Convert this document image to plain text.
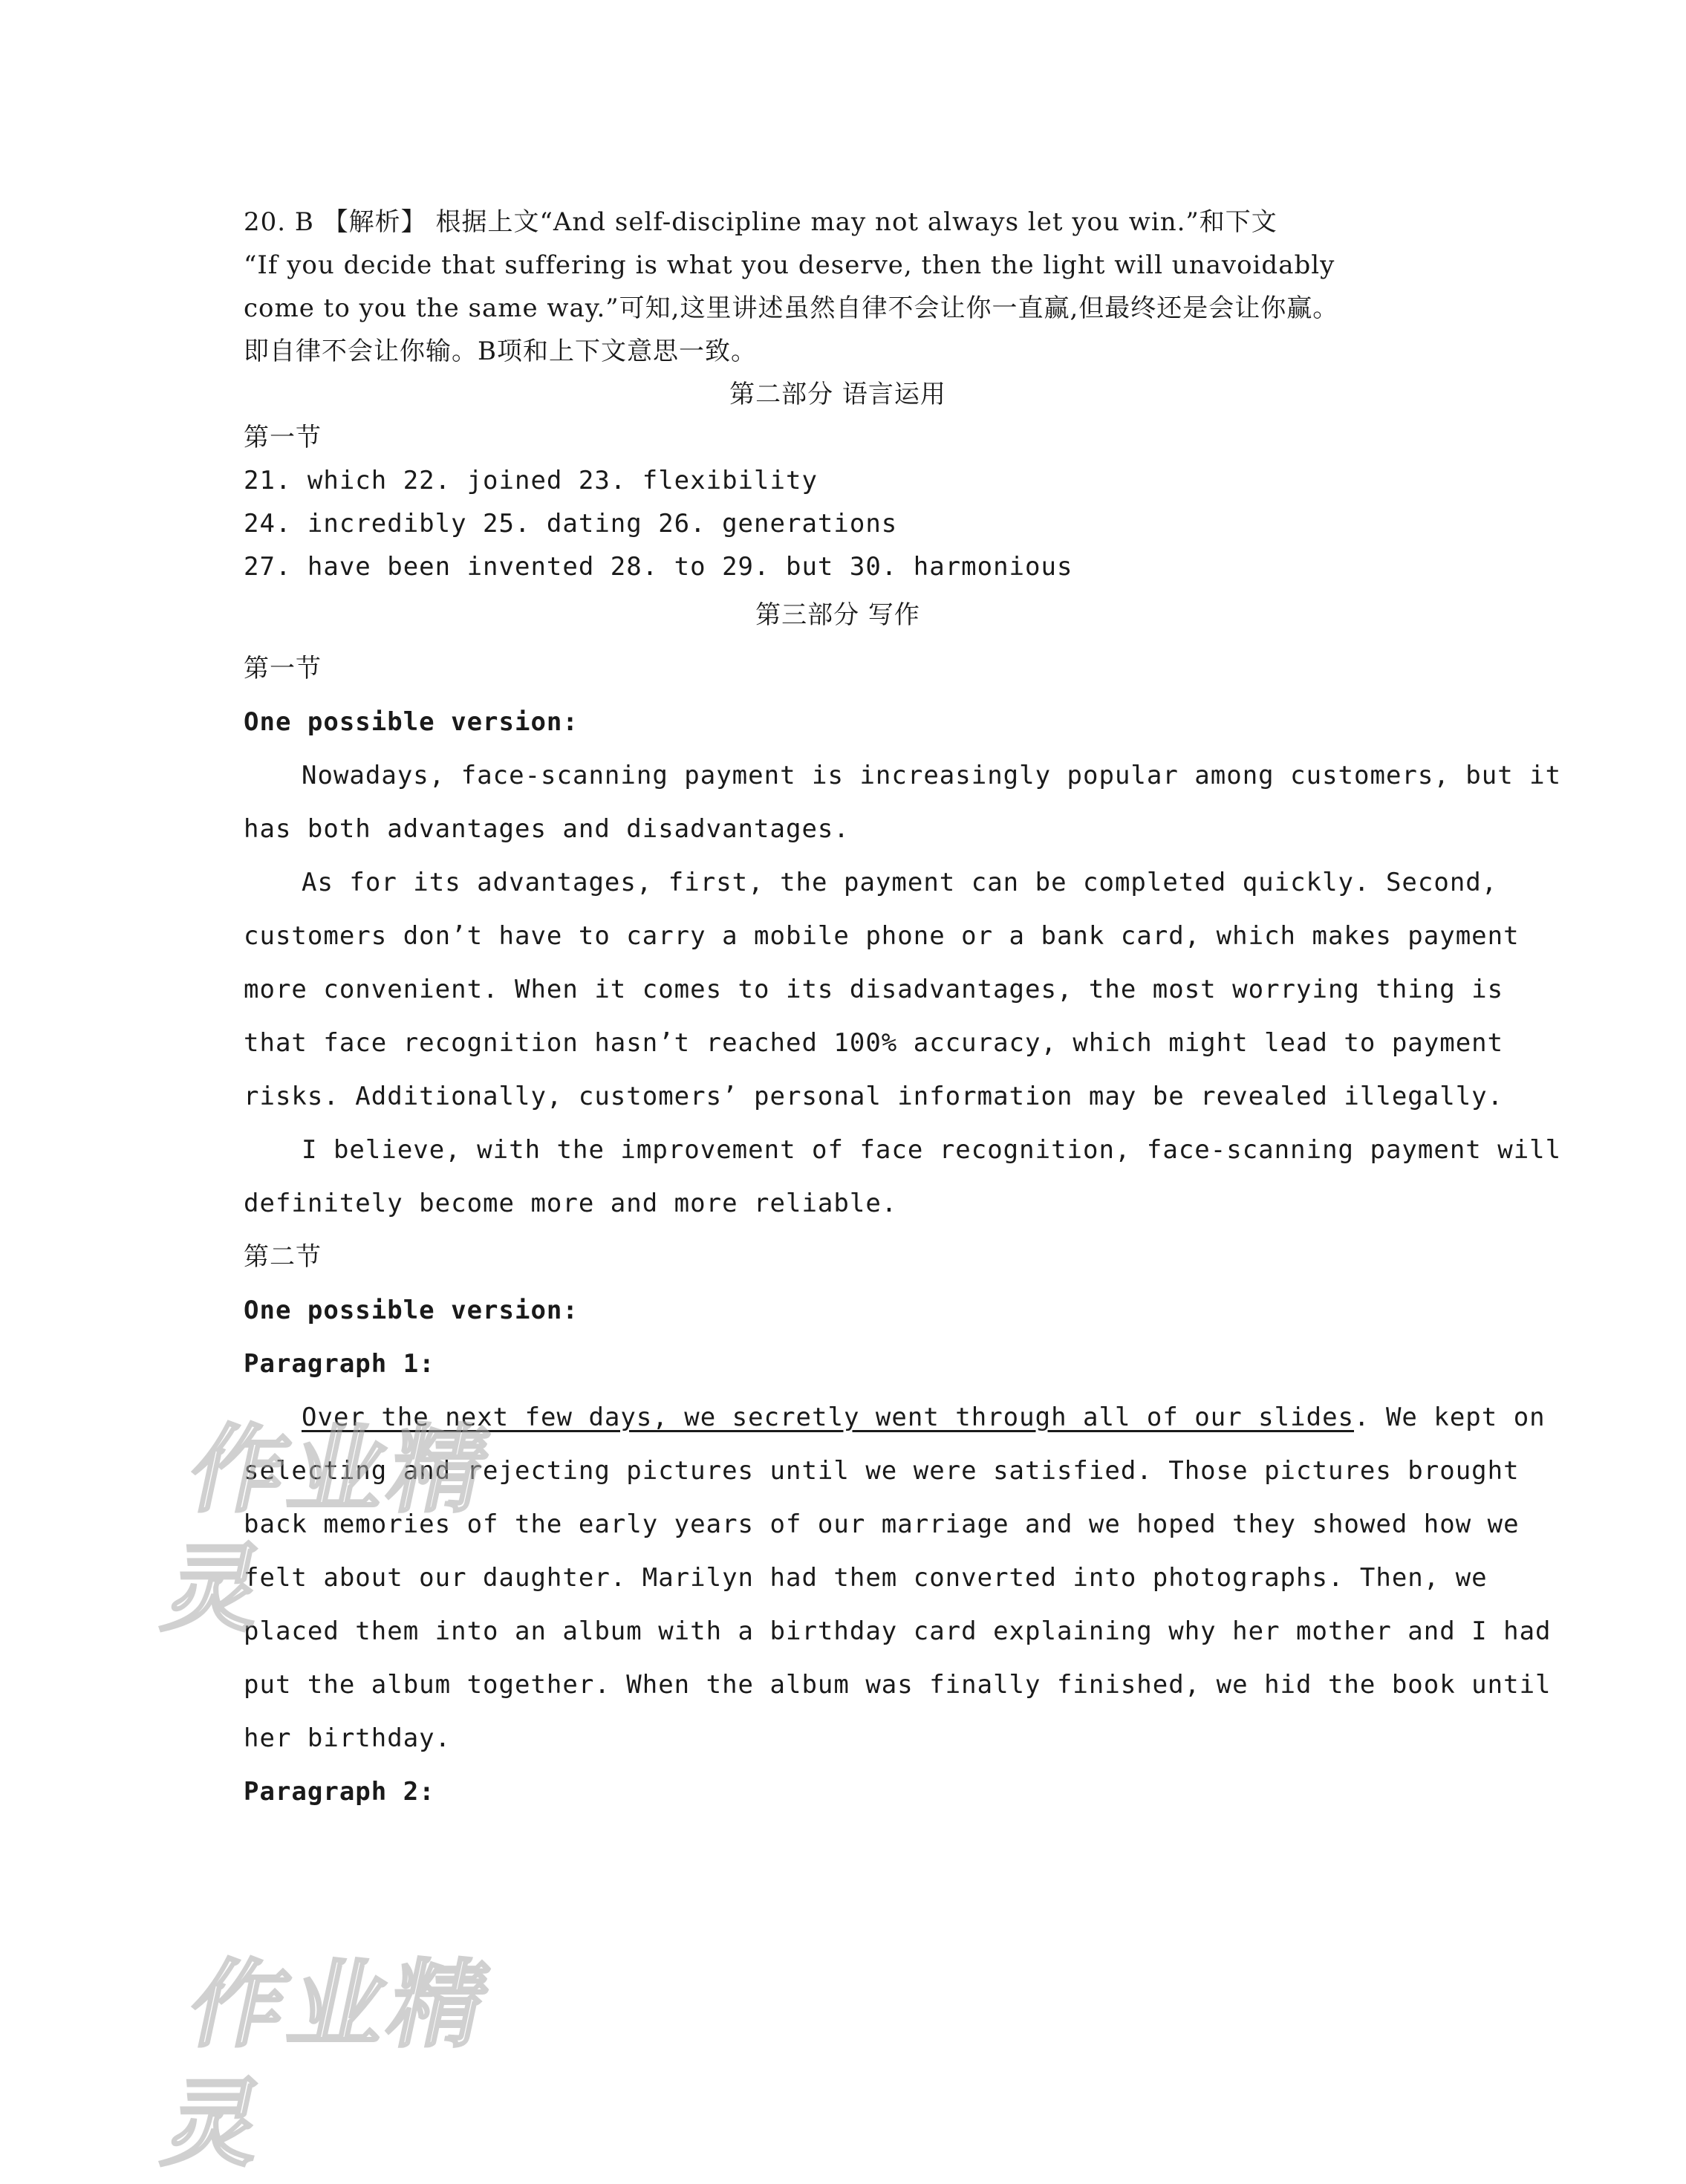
20. B 【解析】 根据上文“And self-discipline may not always let you win.”和下文
“If you decide that suffering is what you deserve, then the light will unavoidably
come to you the same way.”可知,这里讲述虽然自律不会让你一直赢,但最终还是会让你赢。
即自律不会让你输。B项和上下文意思一致。
第二部分 语言运用
第一节
21. which 22. joined 23. flexibility
24. incredibly 25. dating 26. generations
27. have been invented 28. to 29. but 30. harmonious
第三部分 写作
第一节
One possible version:
Nowadays, face-scanning payment is increasingly popular among customers, but it
has both advantages and disadvantages.
As for its advantages, first, the payment can be completed quickly. Second,
customers don’t have to carry a mobile phone or a bank card, which makes payment
more convenient. When it comes to its disadvantages, the most worrying thing is
that face recognition hasn’t reached 100% accuracy, which might lead to payment
risks. Additionally, customers’ personal information may be revealed illegally.
I believe, with the improvement of face recognition, face-scanning payment will
definitely become more and more reliable.
第二节
One possible version:
Paragraph 1:
Over the next few days, we secretly went through all of our slides. We kept on
selecting and rejecting pictures until we were satisfied. Those pictures brought
back memories of the early years of our marriage and we hoped they showed how we
felt about our daughter. Marilyn had them converted into photographs. Then, we
placed them into an album with a birthday card explaining why her mother and I had
put the album together. When the album was finally finished, we hid the book until
her birthday.
Paragraph 2:
作业精灵
作业精灵
